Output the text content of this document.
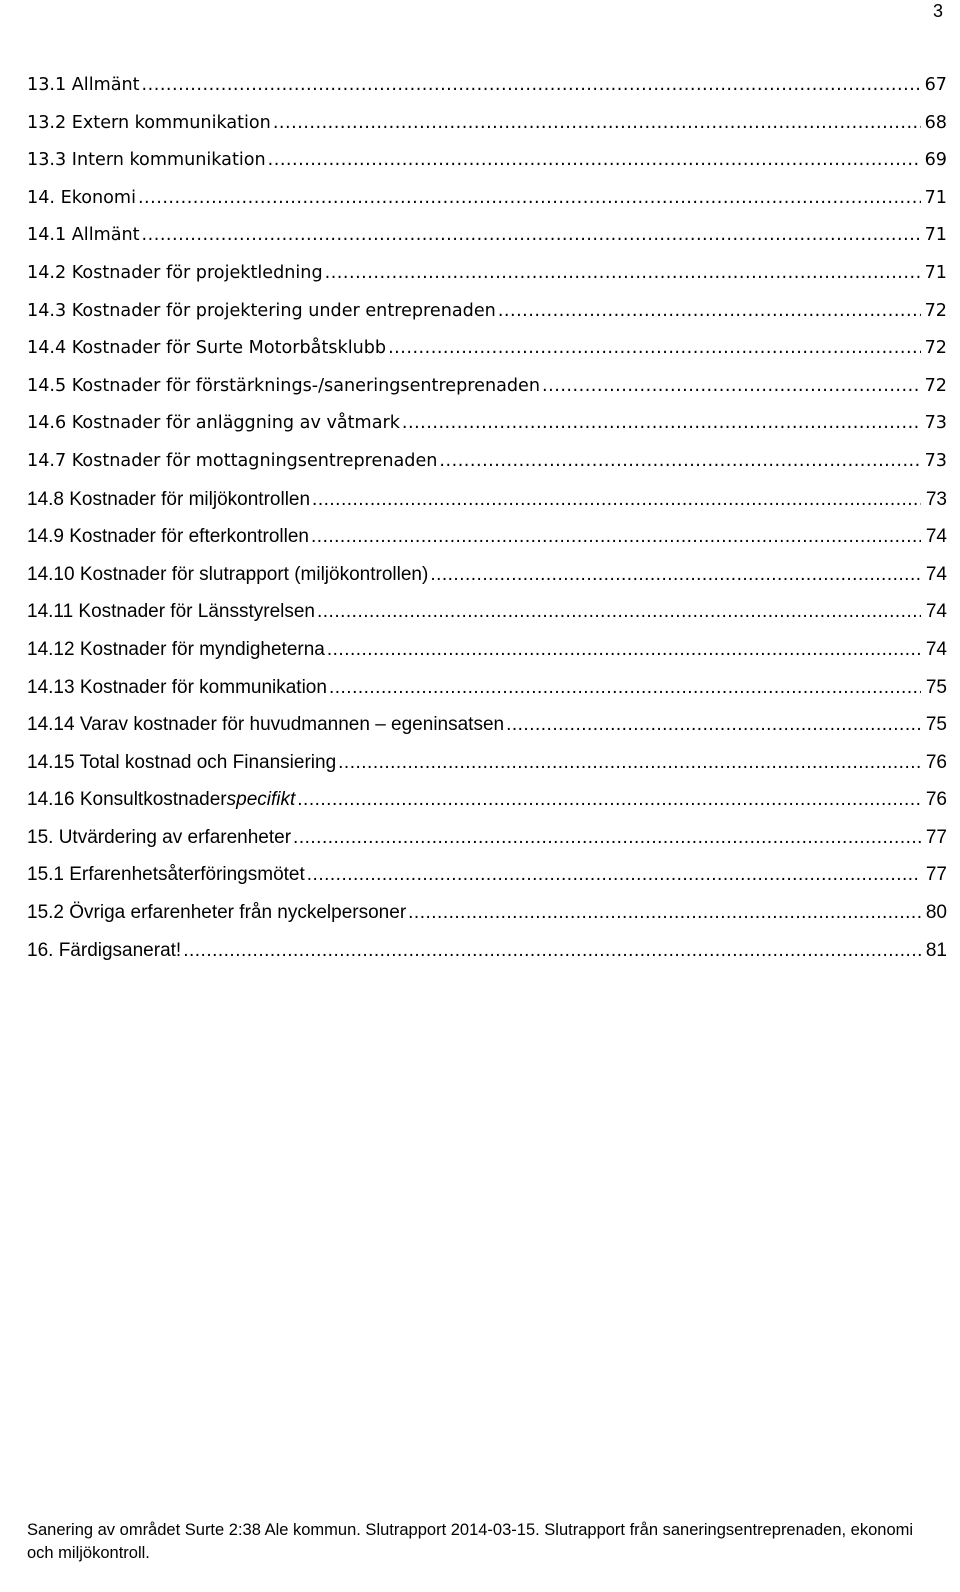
3
13.1 Allmänt .....	67
13.2 Extern kommunikation .....	68
13.3 Intern kommunikation .....	69
14. Ekonomi .....	71
14.1 Allmänt .....	71
14.2 Kostnader för projektledning .....	71
14.3 Kostnader för projektering under entreprenaden .....	72
14.4 Kostnader för Surte Motorbåtsklubb .....	72
14.5 Kostnader för förstärknings-/saneringsentreprenaden .....	72
14.6 Kostnader för anläggning av våtmark .....	73
14.7 Kostnader för mottagningsentreprenaden .....	73
14.8 Kostnader för miljökontrollen .....	73
14.9 Kostnader för efterkontrollen .....	74
14.10 Kostnader för slutrapport (miljökontrollen) .....	74
14.11 Kostnader för Länsstyrelsen .....	74
14.12 Kostnader för myndigheterna .....	74
14.13 Kostnader för kommunikation .....	75
14.14 Varav kostnader för huvudmannen – egeninsatsen .....	75
14.15 Total kostnad och Finansiering .....	76
14.16 Konsultkostnader specifikt .....	76
15. Utvärdering av erfarenheter .....	77
15.1 Erfarenhetsåterföringsmötet .....	77
15.2 Övriga erfarenheter från nyckelpersoner .....	80
16. Färdigsanerat! .....	81
Sanering av området Surte 2:38 Ale kommun. Slutrapport 2014-03-15. Slutrapport från saneringsentreprenaden, ekonomi och miljökontroll.
